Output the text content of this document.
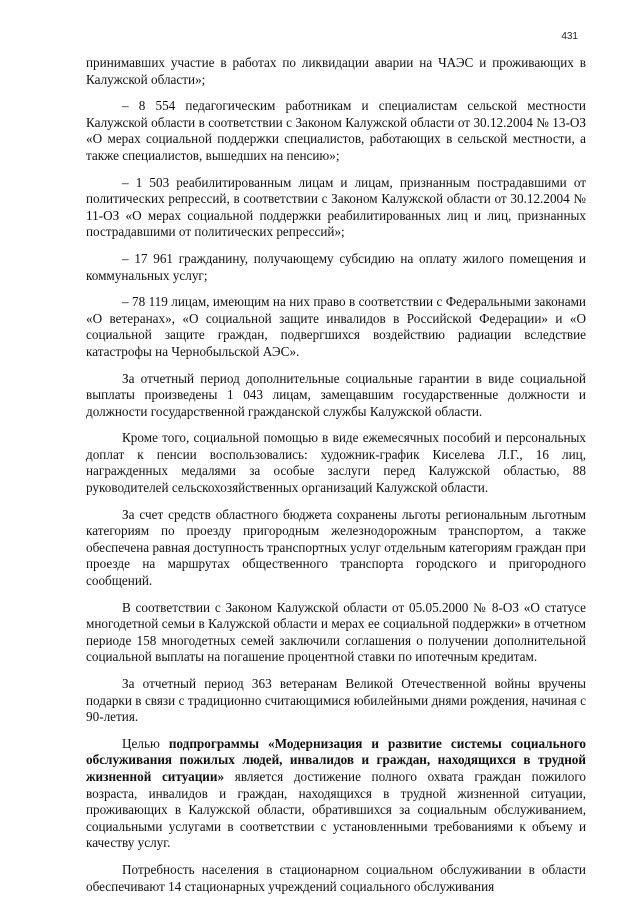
431

принимавших участие в работах по ликвидации аварии на ЧАЭС и проживающих в Калужской области»;

– 8 554 педагогическим работникам и специалистам сельской местности Калужской области в соответствии с Законом Калужской области от 30.12.2004 № 13-ОЗ «О мерах социальной поддержки специалистов, работающих в сельской местности, а также специалистов, вышедших на пенсию»;

– 1 503 реабилитированным лицам и лицам, признанным пострадавшими от политических репрессий, в соответствии с Законом Калужской области от 30.12.2004 № 11-ОЗ «О мерах социальной поддержки реабилитированных лиц и лиц, признанных пострадавшими от политических репрессий»;

– 17 961 гражданину, получающему субсидию на оплату жилого помещения и коммунальных услуг;

– 78 119 лицам, имеющим на них право в соответствии с Федеральными законами «О ветеранах», «О социальной защите инвалидов в Российской Федерации» и «О социальной защите граждан, подвергшихся воздействию радиации вследствие катастрофы на Чернобыльской АЭС».

За отчетный период дополнительные социальные гарантии в виде социальной выплаты произведены 1 043 лицам, замещавшим государственные должности и должности государственной гражданской службы Калужской области.

Кроме того, социальной помощью в виде ежемесячных пособий и персональных доплат к пенсии воспользовались: художник-график Киселева Л.Г., 16 лиц, награжденных медалями за особые заслуги перед Калужской областью, 88 руководителей сельскохозяйственных организаций Калужской области.

За счет средств областного бюджета сохранены льготы региональным льготным категориям по проезду пригородным железнодорожным транспортом, а также обеспечена равная доступность транспортных услуг отдельным категориям граждан при проезде на маршрутах общественного транспорта городского и пригородного сообщений.

В соответствии с Законом Калужской области от 05.05.2000 № 8-ОЗ «О статусе многодетной семьи в Калужской области и мерах ее социальной поддержки» в отчетном периоде 158 многодетных семей заключили соглашения о получении дополнительной социальной выплаты на погашение процентной ставки по ипотечным кредитам.

За отчетный период 363 ветеранам Великой Отечественной войны вручены подарки в связи с традиционно считающимися юбилейными днями рождения, начиная с 90-летия.

Целью подпрограммы «Модернизация и развитие системы социального обслуживания пожилых людей, инвалидов и граждан, находящихся в трудной жизненной ситуации» является достижение полного охвата граждан пожилого возраста, инвалидов и граждан, находящихся в трудной жизненной ситуации, проживающих в Калужской области, обратившихся за социальным обслуживанием, социальными услугами в соответствии с установленными требованиями к объему и качеству услуг.

Потребность населения в стационарном социальном обслуживании в области обеспечивают 14 стационарных учреждений социального обслуживания
